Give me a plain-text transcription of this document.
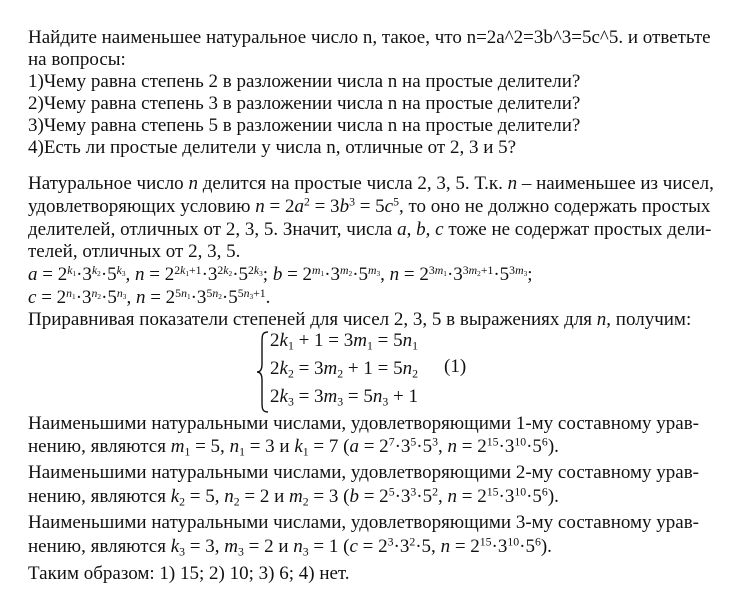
Найдите наименьшее натуральное число n, такое, что n=2a^2=3b^3=5c^5. и ответьте
на вопросы:
1)Чему равна степень 2 в разложении числа n на простые делители?
2)Чему равна степень 3 в разложении числа n на простые делители?
3)Чему равна степень 5 в разложении числа n на простые делители?
4)Есть ли простые делители у числа n, отличные от 2, 3 и 5?
Натуральное число n делится на простые числа 2, 3, 5. Т.к. n – наименьшее из чисел,
удовлетворяющих условию $n = 2a^2 = 3b^3 = 5c^5$, то оно не должно содержать простых
делителей, отличных от 2, 3, 5. Значит, числа a, b, c тоже не содержат простых дели-
телей, отличных от 2, 3, 5.
$a = 2^{k_1}\cdot 3^{k_2}\cdot 5^{k_3}$, $n = 2^{2k_1+1}\cdot 3^{2k_2}\cdot 5^{2k_3}$; $b = 2^{m_1}\cdot 3^{m_2}\cdot 5^{m_3}$, $n = 2^{3m_1}\cdot 3^{3m_2+1}\cdot 5^{3m_3}$;
$c = 2^{n_1}\cdot 3^{n_2}\cdot 5^{n_3}$, $n = 2^{5n_1}\cdot 3^{5n_2}\cdot 5^{5n_3+1}$.
Приравнивая показатели степеней для чисел 2, 3, 5 в выражениях для n, получим:
$2k_1 + 1 = 3m_1 = 5n_1$
$2k_2 = 3m_2 + 1 = 5n_2$
$2k_3 = 3m_3 = 5n_3 + 1$
(1)
Наименьшими натуральными числами, удовлетворяющими 1-му составному урав-
нению, являются $m_1 = 5$, $n_1 = 3$ и $k_1 = 7$ ($a = 2^7\cdot 3^5\cdot 5^3$, $n = 2^{15}\cdot 3^{10}\cdot 5^6$).
Наименьшими натуральными числами, удовлетворяющими 2-му составному урав-
нению, являются $k_2 = 5$, $n_2 = 2$ и $m_2 = 3$ ($b = 2^5\cdot 3^3\cdot 5^2$, $n = 2^{15}\cdot 3^{10}\cdot 5^6$).
Наименьшими натуральными числами, удовлетворяющими 3-му составному урав-
нению, являются $k_3 = 3$, $m_3 = 2$ и $n_3 = 1$ ($c = 2^3\cdot 3^2\cdot 5$, $n = 2^{15}\cdot 3^{10}\cdot 5^6$).
Таким образом: 1) 15; 2) 10; 3) 6; 4) нет.
